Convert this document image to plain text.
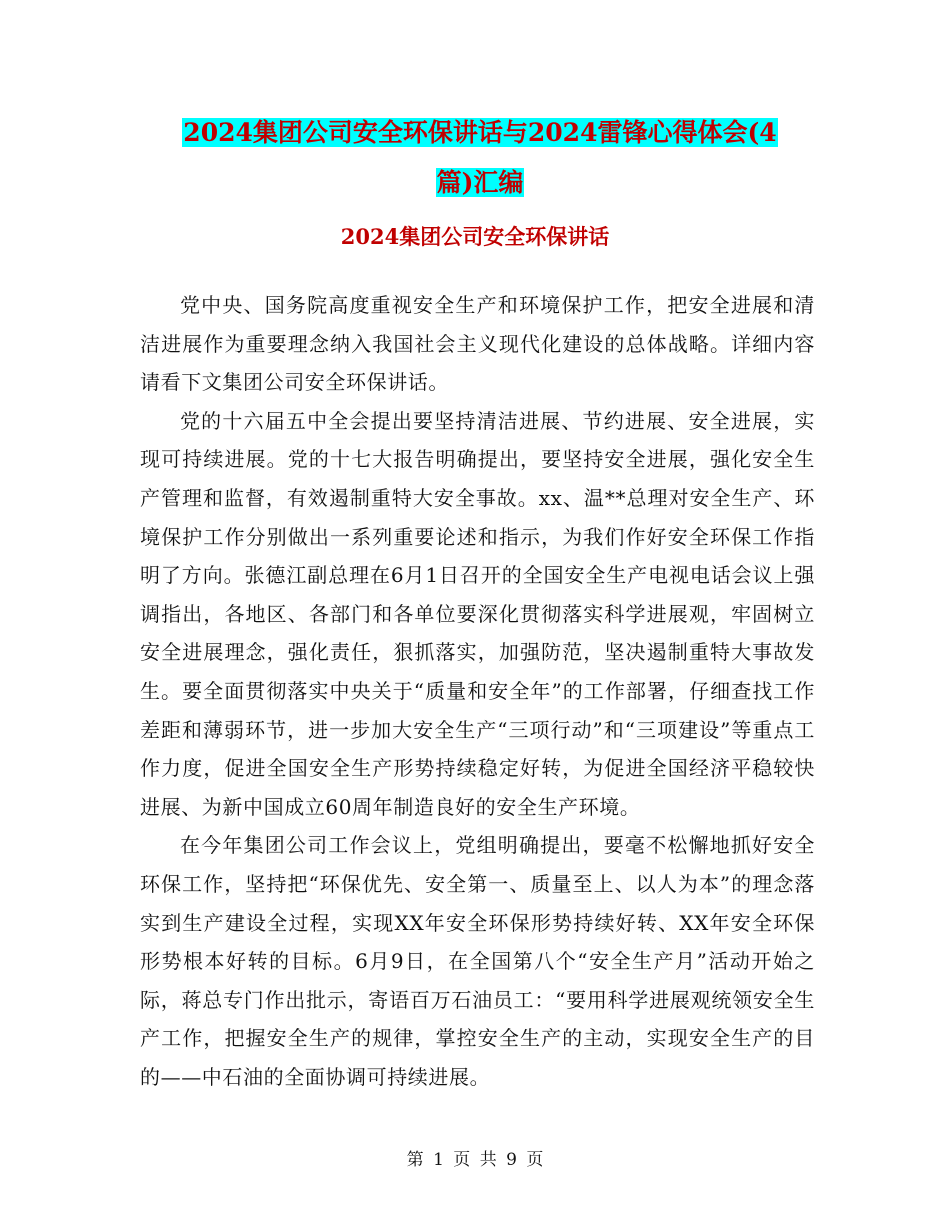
2024集团公司安全环保讲话与2024雷锋心得体会(4
篇)汇编
2024集团公司安全环保讲话

党中央、国务院高度重视安全生产和环境保护工作，把安全进展和清洁进展作为重要理念纳入我国社会主义现代化建设的总体战略。详细内容请看下文集团公司安全环保讲话。

党的十六届五中全会提出要坚持清洁进展、节约进展、安全进展，实现可持续进展。党的十七大报告明确提出，要坚持安全进展，强化安全生产管理和监督，有效遏制重特大安全事故。xx、温**总理对安全生产、环境保护工作分别做出一系列重要论述和指示，为我们作好安全环保工作指明了方向。张德江副总理在6月1日召开的全国安全生产电视电话会议上强调指出，各地区、各部门和各单位要深化贯彻落实科学进展观，牢固树立安全进展理念，强化责任，狠抓落实，加强防范，坚决遏制重特大事故发生。要全面贯彻落实中央关于“质量和安全年”的工作部署，仔细查找工作差距和薄弱环节，进一步加大安全生产“三项行动”和“三项建设”等重点工作力度，促进全国安全生产形势持续稳定好转，为促进全国经济平稳较快进展、为新中国成立60周年制造良好的安全生产环境。

在今年集团公司工作会议上，党组明确提出，要毫不松懈地抓好安全环保工作，坚持把“环保优先、安全第一、质量至上、以人为本”的理念落实到生产建设全过程，实现XX年安全环保形势持续好转、XX年安全环保形势根本好转的目标。6月9日，在全国第八个“安全生产月”活动开始之际，蒋总专门作出批示，寄语百万石油员工：“要用科学进展观统领安全生产工作，把握安全生产的规律，掌控安全生产的主动，实现安全生产的目的——中石油的全面协调可持续进展。

第 1 页 共 9 页
